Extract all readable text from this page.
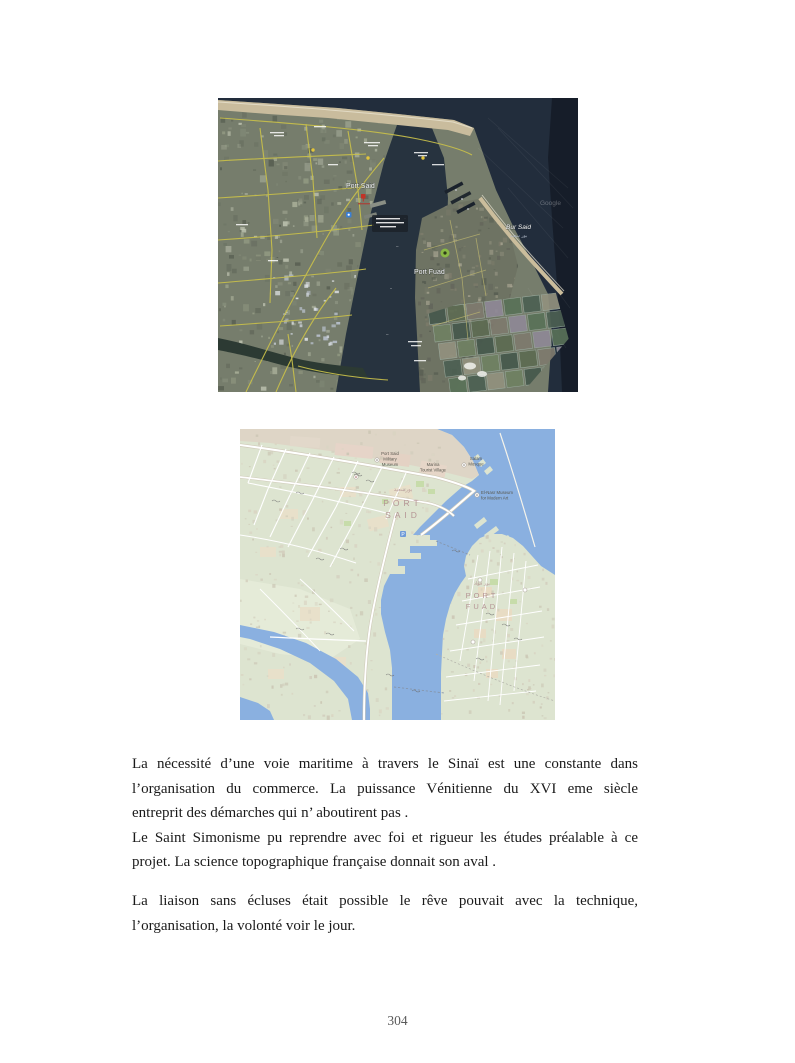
Port Said
Port Fuad
Bur Said
بور سعيد
Google
P
بورسعيد
PORT
SAID
بور فؤاد
PORT
FUAD
Port Said
Military
Museum	Marina
Tourist Village
Salam
Mosque
El-Nasr Museum
for Modern Art
La nécessité d’une voie maritime à travers le Sinaï est une constante dans
l’organisation du commerce. La puissance Vénitienne du XVI eme siècle
entreprit des démarches qui n’ aboutirent pas .
Le Saint Simonisme pu reprendre avec foi et rigueur les études préalable à ce
projet. La science topographique française donnait son aval .
La liaison sans écluses était possible le rêve pouvait avec la technique,
l’organisation, la volonté voir le jour.
304
